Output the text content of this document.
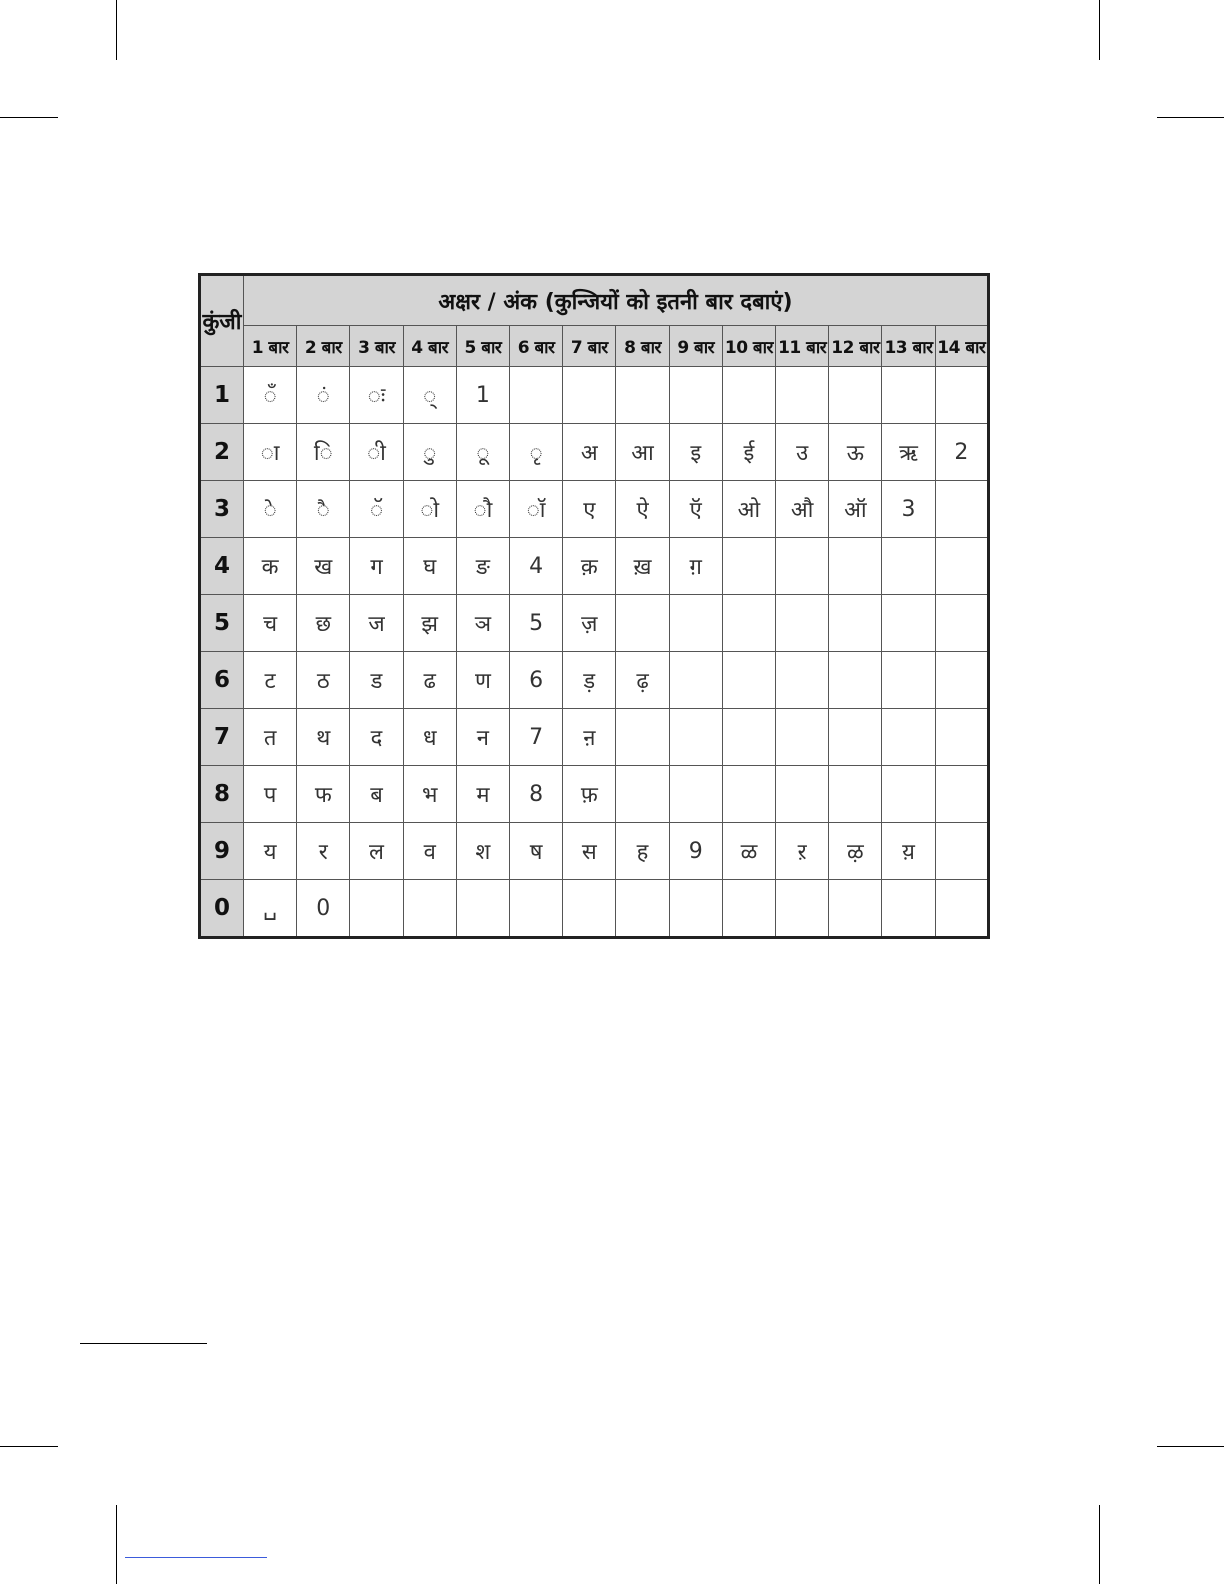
कुंजी	अक्षर / अंक (कुन्जियों को इतनी बार दबाएं)													
	1 बार	2 बार	3 बार	4 बार	5 बार	6 बार	7 बार	8 बार	9 बार	10 बार	11 बार	12 बार	13 बार	14 बार
1	ँ	ं	ः	्	1									
2	ा	ि	ी	ु	ू	ृ	अ	आ	इ	ई	उ	ऊ	ऋ	2
3	े	ै	ॅ	ो	ौ	ॉ	ए	ऐ	ऍ	ओ	औ	ऑ	3	
4	क	ख	ग	घ	ङ	4	क़	ख़	ग़					
5	च	छ	ज	झ	ञ	5	ज़							
6	ट	ठ	ड	ढ	ण	6	ड़	ढ़						
7	त	थ	द	ध	न	7	ऩ							
8	प	फ	ब	भ	म	8	फ़							
9	य	र	ल	व	श	ष	स	ह	9	ळ	ऱ	ऴ	य़	
0	␣	0												
